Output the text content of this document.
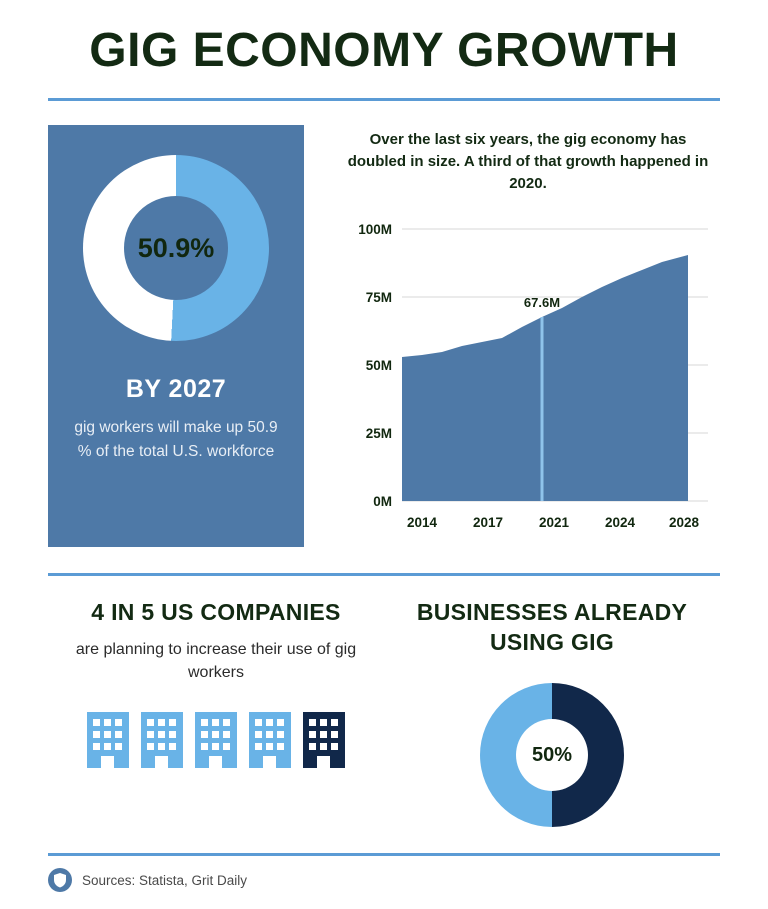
GIG ECONOMY GROWTH
50.9%
BY 2027
gig workers will make up 50.9 % of the total U.S. workforce
Over the last six years, the gig economy has doubled in size. A third of that growth happened in 2020.
67.6M
100M
75M
50M
25M
0M
2014	2017	2021	2024	2028
4 IN 5 US COMPANIES
are planning to increase their use of gig workers
BUSINESSES ALREADY USING GIG
50%
Sources: Statista, Grit Daily
